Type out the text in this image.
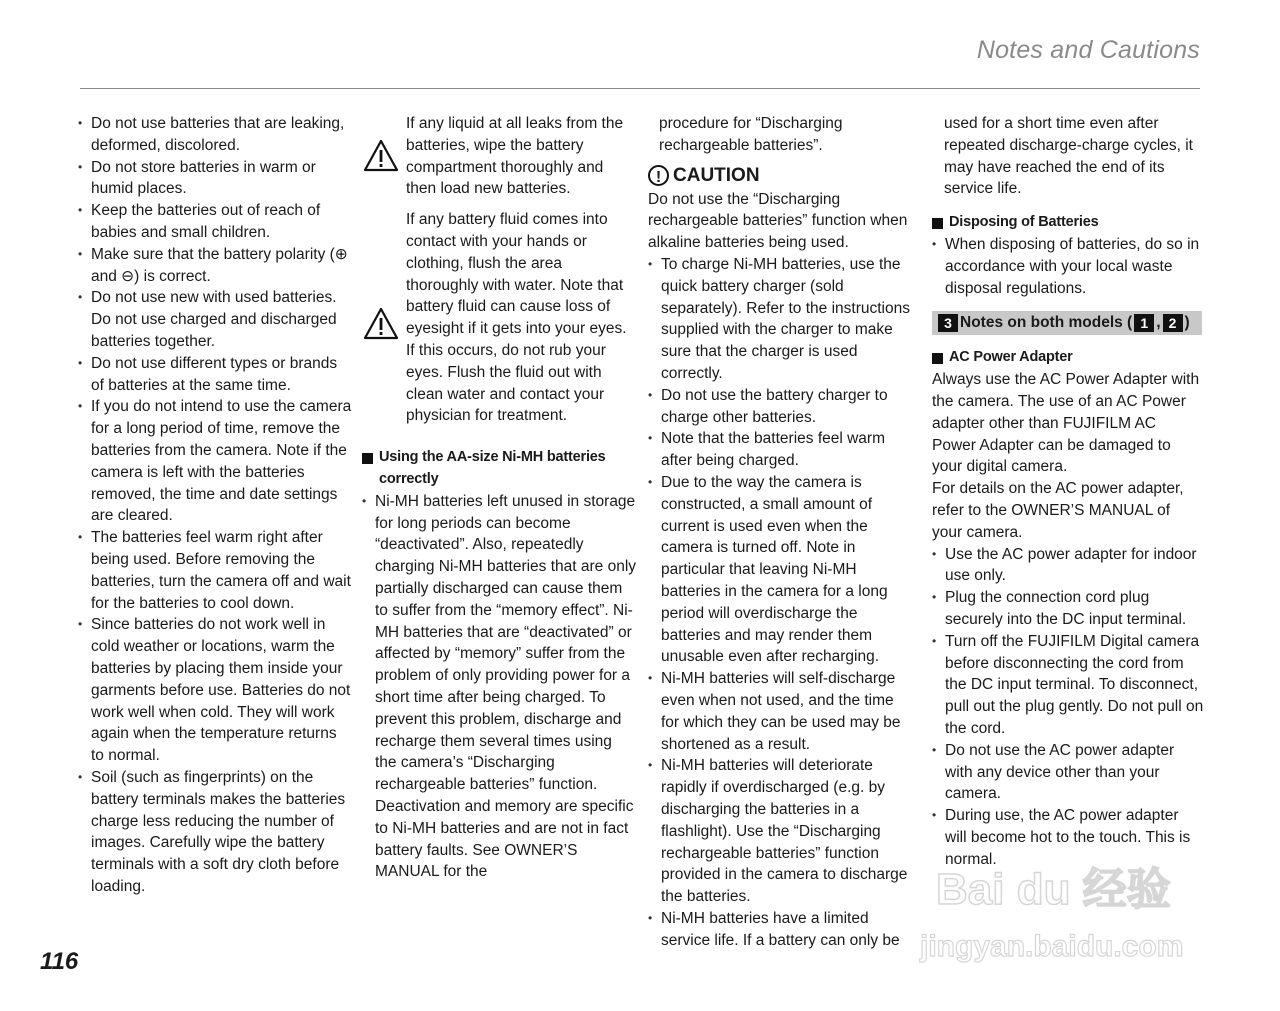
Notes and Cautions
• Do not use batteries that are leaking, deformed, discolored.
• Do not store batteries in warm or humid places.
• Keep the batteries out of reach of babies and small children.
• Make sure that the battery polarity (⊕ and ⊖) is correct.
• Do not use new with used batteries. Do not use charged and discharged batteries together.
• Do not use different types or brands of batteries at the same time.
• If you do not intend to use the camera for a long period of time, remove the batteries from the camera. Note if the camera is left with the batteries removed, the time and date settings are cleared.
• The batteries feel warm right after being used. Before removing the batteries, turn the camera off and wait for the batteries to cool down.
• Since batteries do not work well in cold weather or locations, warm the batteries by placing them inside your garments before use. Batteries do not work well when cold. They will work again when the temperature returns to normal.
• Soil (such as fingerprints) on the battery terminals makes the batteries charge less reducing the number of images. Carefully wipe the battery terminals with a soft dry cloth before loading.

If any liquid at all leaks from the batteries, wipe the battery compartment thoroughly and then load new batteries.

If any battery fluid comes into contact with your hands or clothing, flush the area thoroughly with water. Note that battery fluid can cause loss of eyesight if it gets into your eyes. If this occurs, do not rub your eyes. Flush the fluid out with clean water and contact your physician for treatment.

Using the AA-size Ni-MH batteries correctly
• Ni-MH batteries left unused in storage for long periods can become “deactivated”. Also, repeatedly charging Ni-MH batteries that are only partially discharged can cause them to suffer from the “memory effect”. Ni-MH batteries that are “deactivated” or affected by “memory” suffer from the problem of only providing power for a short time after being charged. To prevent this problem, discharge and recharge them several times using the camera’s “Discharging rechargeable batteries” function. Deactivation and memory are specific to Ni-MH batteries and are not in fact battery faults. See OWNER’S MANUAL for the

procedure for “Discharging rechargeable batteries”.

! CAUTION

Do not use the “Discharging rechargeable batteries” function when alkaline batteries being used.

• To charge Ni-MH batteries, use the quick battery charger (sold separately). Refer to the instructions supplied with the charger to make sure that the charger is used correctly.
• Do not use the battery charger to charge other batteries.
• Note that the batteries feel warm after being charged.
• Due to the way the camera is constructed, a small amount of current is used even when the camera is turned off. Note in particular that leaving Ni-MH batteries in the camera for a long period will overdischarge the batteries and may render them unusable even after recharging.
• Ni-MH batteries will self-discharge even when not used, and the time for which they can be used may be shortened as a result.
• Ni-MH batteries will deteriorate rapidly if overdischarged (e.g. by discharging the batteries in a flashlight). Use the “Discharging rechargeable batteries” function provided in the camera to discharge the batteries.
• Ni-MH batteries have a limited service life. If a battery can only be

used for a short time even after repeated discharge-charge cycles, it may have reached the end of its service life.

Disposing of Batteries
• When disposing of batteries, do so in accordance with your local waste disposal regulations.
3 Notes on both models ( 1 , 2 )
AC Power Adapter

Always use the AC Power Adapter with the camera. The use of an AC Power adapter other than FUJIFILM AC Power Adapter can be damaged to your digital camera.

For details on the AC power adapter, refer to the OWNER’S MANUAL of your camera.

• Use the AC power adapter for indoor use only.
• Plug the connection cord plug securely into the DC input terminal.
• Turn off the FUJIFILM Digital camera before disconnecting the cord from the DC input terminal. To disconnect, pull out the plug gently. Do not pull on the cord.
• Do not use the AC power adapter with any device other than your camera.
• During use, the AC power adapter will become hot to the touch. This is normal.
116
Bai du 经验
jingyan.baidu.com
